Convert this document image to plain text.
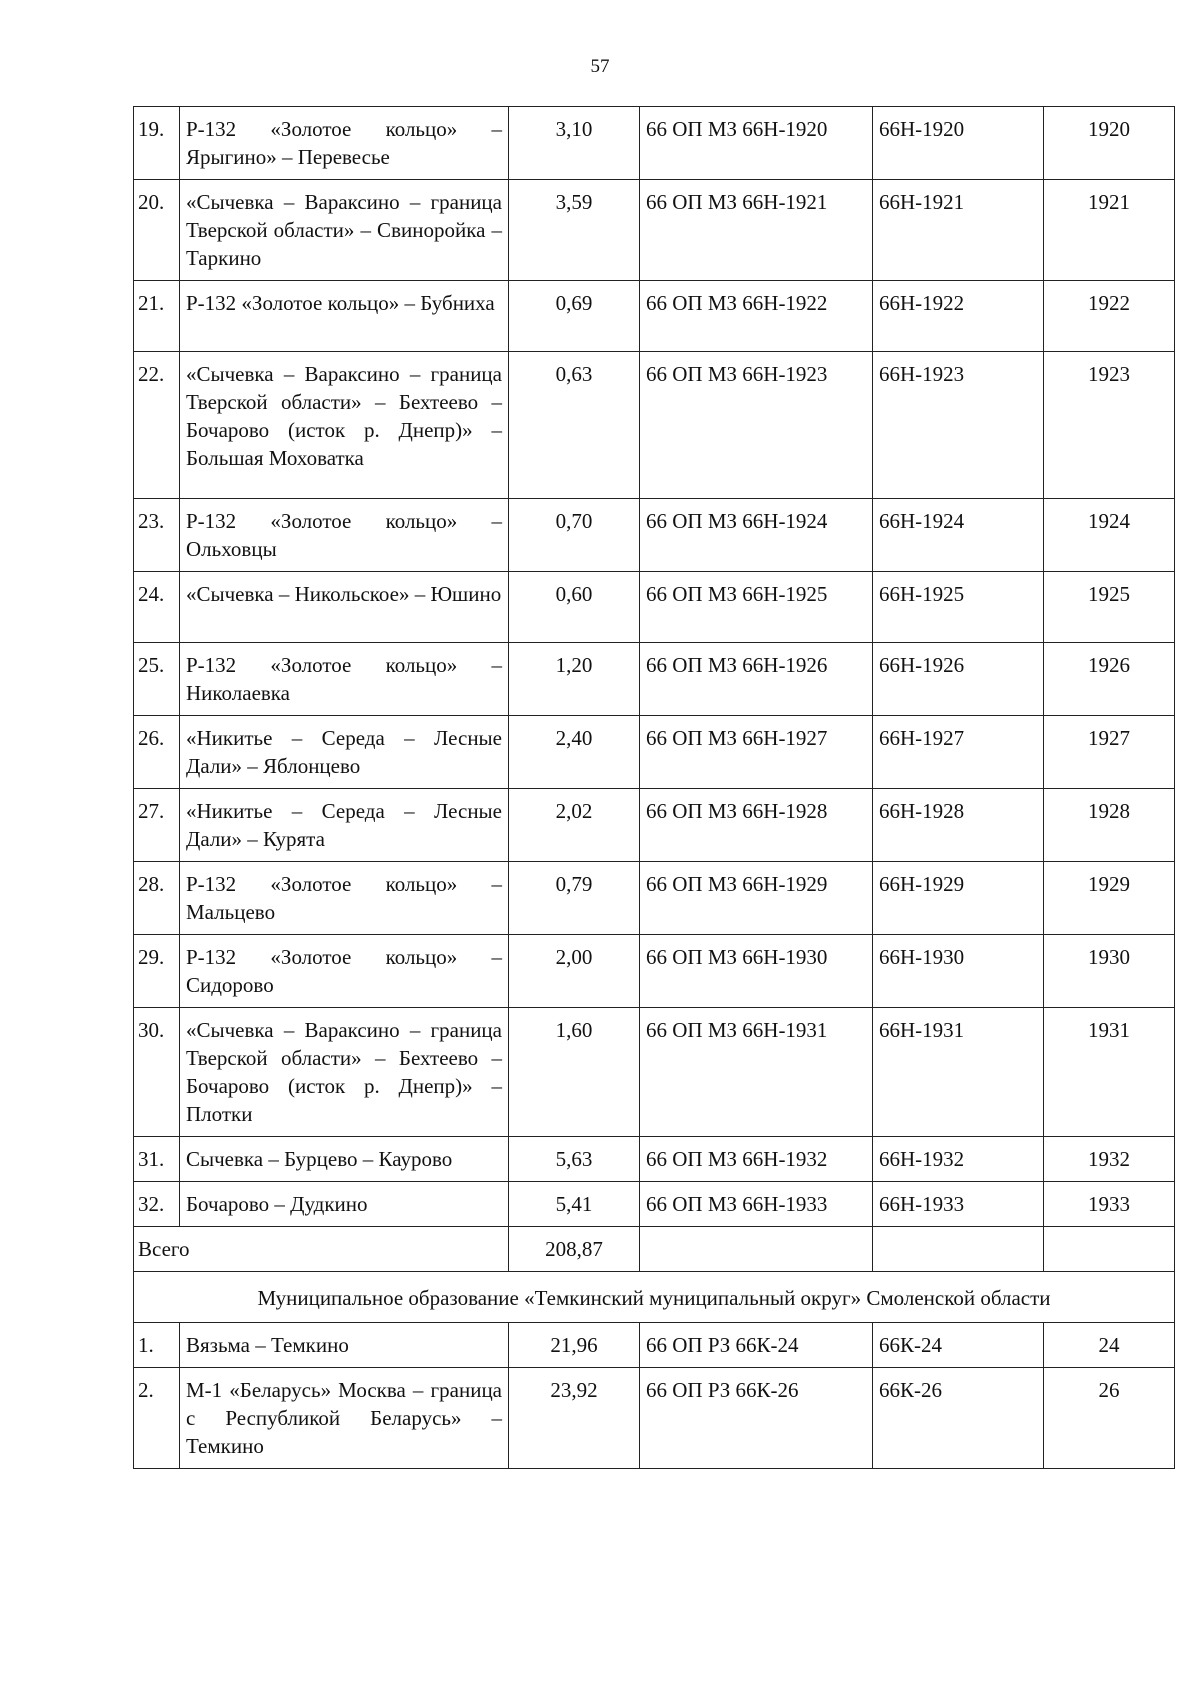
57
19.	Р-132 «Золотое кольцо» – Ярыгино» – Перевесье	3,10	66 ОП МЗ 66Н-1920	66Н-1920	1920
20.	«Сычевка – Вараксино – граница Тверской области» – Свиноройка – Таркино	3,59	66 ОП МЗ 66Н-1921	66Н-1921	1921
21.	Р-132 «Золотое кольцо» – Бубниха	0,69	66 ОП МЗ 66Н-1922	66Н-1922	1922
22.	«Сычевка – Вараксино – граница Тверской области» – Бехтеево – Бочарово (исток р. Днепр)» – Большая Моховатка	0,63	66 ОП МЗ 66Н-1923	66Н-1923	1923
23.	Р-132 «Золотое кольцо» – Ольховцы	0,70	66 ОП МЗ 66Н-1924	66Н-1924	1924
24.	«Сычевка – Никольское» – Юшино	0,60	66 ОП МЗ 66Н-1925	66Н-1925	1925
25.	Р-132 «Золотое кольцо» – Николаевка	1,20	66 ОП МЗ 66Н-1926	66Н-1926	1926
26.	«Никитье – Середа – Лесные Дали» – Яблонцево	2,40	66 ОП МЗ 66Н-1927	66Н-1927	1927
27.	«Никитье – Середа – Лесные Дали» – Курята	2,02	66 ОП МЗ 66Н-1928	66Н-1928	1928
28.	Р-132 «Золотое кольцо» – Мальцево	0,79	66 ОП МЗ 66Н-1929	66Н-1929	1929
29.	Р-132 «Золотое кольцо» – Сидорово	2,00	66 ОП МЗ 66Н-1930	66Н-1930	1930
30.	«Сычевка – Вараксино – граница Тверской области» – Бехтеево – Бочарово (исток р. Днепр)» – Плотки	1,60	66 ОП МЗ 66Н-1931	66Н-1931	1931
31.	Сычевка – Бурцево – Каурово	5,63	66 ОП МЗ 66Н-1932	66Н-1932	1932
32.	Бочарово – Дудкино	5,41	66 ОП МЗ 66Н-1933	66Н-1933	1933
Всего		208,87			
Муниципальное образование «Темкинский муниципальный округ» Смоленской области					
1.	Вязьма – Темкино	21,96	66 ОП РЗ 66К-24	66К-24	24
2.	М-1 «Беларусь» Москва – граница с Республикой Беларусь» – Темкино	23,92	66 ОП РЗ 66К-26	66К-26	26
